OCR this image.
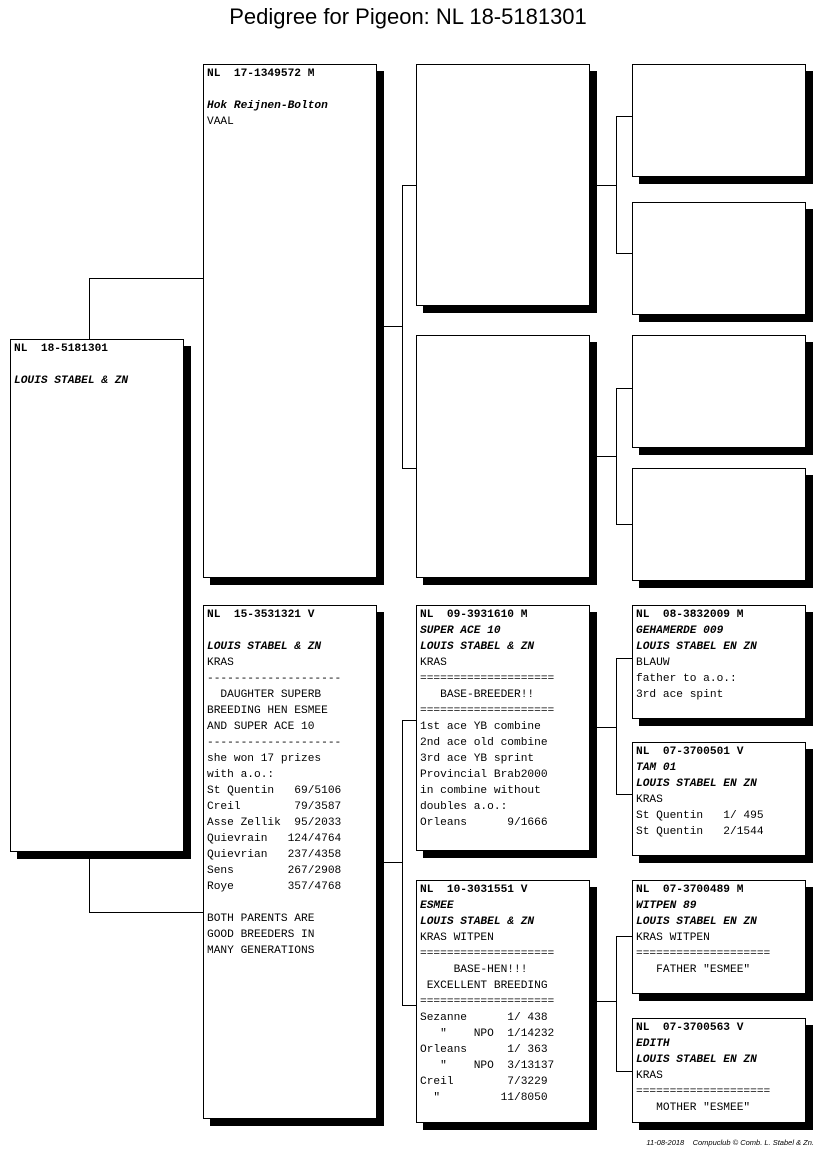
Pedigree for Pigeon: NL 18-5181301
NL  18-5181301
LOUIS STABEL & ZN
NL  17-1349572 M
Hok Reijnen-Bolton
VAAL
NL  15-3531321 V
LOUIS STABEL & ZN
KRAS
--------------------
DAUGHTER SUPERB
BREEDING HEN ESMEE
AND SUPER ACE 10
--------------------
she won 17 prizes
with a.o.:
St Quentin   69/5106
Creil        79/3587
Asse Zellik  95/2033
Quievrain   124/4764
Quievrian   237/4358
Sens        267/2908
Roye        357/4768
BOTH PARENTS ARE
GOOD BREEDERS IN
MANY GENERATIONS
NL  09-3931610 M
SUPER ACE 10
LOUIS STABEL & ZN
KRAS
====================
BASE-BREEDER!!
====================
1st ace YB combine
2nd ace old combine
3rd ace YB sprint
Provincial Brab2000
in combine without
doubles a.o.:
Orleans      9/1666
NL  10-3031551 V
ESMEE
LOUIS STABEL & ZN
KRAS WITPEN
====================
BASE-HEN!!!
EXCELLENT BREEDING
====================
Sezanne      1/ 438
"    NPO  1/14232
Orleans      1/ 363
"    NPO  3/13137
Creil        7/3229
"         11/8050
NL  08-3832009 M
GEHAMERDE 009
LOUIS STABEL EN ZN
BLAUW
father to a.o.:
3rd ace spint
NL  07-3700501 V
TAM 01
LOUIS STABEL EN ZN
KRAS
St Quentin   1/ 495
St Quentin   2/1544
NL  07-3700489 M
WITPEN 89
LOUIS STABEL EN ZN
KRAS WITPEN
====================
FATHER "ESMEE"
NL  07-3700563 V
EDITH
LOUIS STABEL EN ZN
KRAS
====================
MOTHER "ESMEE"
11-08-2018 Compuclub © Comb. L. Stabel & Zn.
